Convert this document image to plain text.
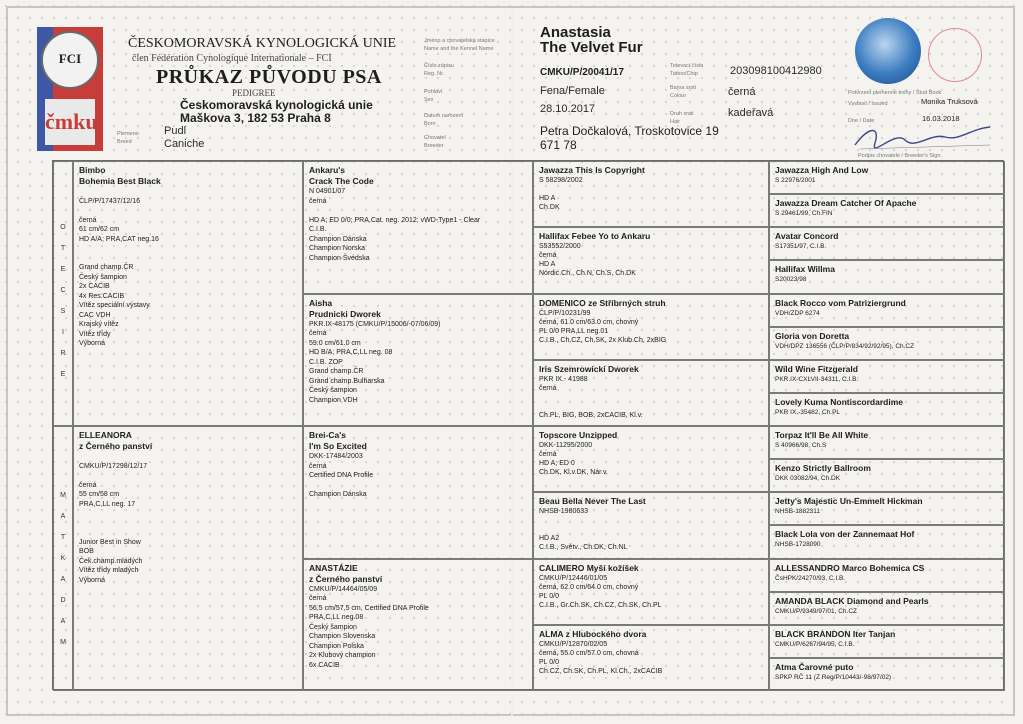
FCI
čmku
ČESKOMORAVSKÁ KYNOLOGICKÁ UNIE
člen Fédération Cynologique Internationale – FCI
PRŮKAZ PŮVODU PSA
PEDIGREE
Českomoravská kynologická unie
Maškova 3, 182 53 Praha 8
Plemeno
Breed
Pudl
Caniche
Jméno a chovatelská stanice
Name and the Kennel Name
Číslo zápisu
Reg. Nr.
Pohlaví
Sex
Datum narození
Born
Chovatel
Breeder
Anastasia
The Velvet Fur
CMKU/P/20041/17
Fena/Female
28.10.2017
Petra Dočkalová, Troskotovice 19
671 78
Tetovací číslo
Tattoo/Chip
Barva srsti
Colour
Druh srsti
Hair
203098100412980
černá
kadeřavá
Potvrzení plemenné knihy / Stud Book
Vystavil / Issued	Monika Truksová
Dne / Date	16.03.2018
Podpis chovatele / Breeder's Sign.
O
T
E
C
S
I
R
E
M
A
T
K
A
D
A
M
Bimbo
Bohemia Best Black

ČLP/P/17437/12/16

černá
61 cm/62 cm
HD A/A; PRA,CAT neg.16

Grand champ.ČR
Český šampion
2x CACIB
4x Res.CACIB
Vítěz speciální výstavy
CAC VDH
Krajský vítěz
Vítěz třídy
Výborná
ELLEANORA
z Černého panství

CMKU/P/17298/12/17

černá
55 cm/58 cm
PRA,C,LL neg. 17

Junior Best in Show
BOB
Ček.champ.mladých
Vítěz třídy mladých
Výborná
Ankaru's
Crack The Code
N 04901/07
černá

HD A; ED 0/0; PRA,Cat. neg. 2012; vWD-Type1 - Clear
C.I.B.
Champion Dánska
Champion Norska
Champion Švédska
Aisha
Prudnicki Dworek
PKR.IX-48175 (CMKU/P/15006/-07/06/09)
černá
59.0 cm/61.0 cm
HD B/A; PRA,C,LL neg. 08
C.I.B. ZOP
Grand champ.ČR
Grand champ.Bulharska
Český šampion
Champion VDH
Brei-Ca's
I'm So Excited
DKK-17484/2003
černá
Certified DNA Profile

Champion Dánska
ANASTÁZIE
z Černého panství
CMKU/P/14464/05/09
černá
56,5 cm/57,5 cm, Certified DNA Profile
PRA,C,LL neg.08
Český šampion
Champion Slovenska
Champion Polska
2x Klubový champion
6x CACIB
Jawazza This Is Copyright
S 58298/2002

HD A
Ch.DK
Hallifax Febee Yo to Ankaru
S53552/2000
černá
HD A
Nordic.Ch., Ch.N, Ch.S, Ch.DK
DOMENICO ze Stříbrných struh
ČLP/P/10231/99
černá, 61.0 cm/63.0 cm, chovný
PL 0/0 PRA,LL neg.01
C.I.B., Ch.CZ, Ch.SK, 2x Klub.Ch, 2xBIG
Iris Szemrowicki Dworek
PKR IX.- 41988
černá

Ch.PL, BIG, BOB, 2xCACIB, Kl.v.
Topscore Unzipped
DKK-11295/2000
černá
HD A; ED 0
Ch.DK, Kl.v.DK, Nár.v.
Beau Bella Never The Last
NHSB-1980633

HD A2
C.I.B., Světv., Ch.DK, Ch.NL
CALIMERO Myší kožíšek
CMKU/P/12446/01/05
černá, 62.0 cm/64.0 cm, chovný
PL 0/0
C.I.B., Gr.Ch.SK, Ch.CZ, Ch.SK, Ch.PL
ALMA z Hlubockého dvora
CMKU/P/12870/02/05
černá, 55.0 cm/57.0 cm, chovná
PL 0/0
Ch.CZ, Ch.SK, Ch.PL, Kl.Ch., 2xCACIB
Jawazza High And Low
S 22976/2001
Jawazza Dream Catcher Of Apache
S 29461/99, Ch.FIN
Avatar Concord
S17351/97, C.I.B.
Hallifax Willma
S20023/98
Black Rocco vom Patriziergrund
VDH/ZDP 6274
Gloria von Doretta
VDH/DPZ 136556 (ČLP/P/834/92/92/95), Ch.CZ
Wild Wine Fitzgerald
PKR.IX-CXLVII-34311, C.I.B.
Lovely Kuma Nontiscordardime
PKR IX.-35482, Ch.PL
Torpaz It'll Be All White
S 40966/98, Ch.S
Kenzo Strictly Ballroom
DKK 03082/94, Ch.DK
Jetty's Majestic Un-Emmelt Hickman
NHSB-1882311
Black Lola von der Zannemaat Hof
NHSB-1728090
ALLESSANDRO Marco Bohemica CS
ČsHPK/24270/93, C.I.B.
AMANDA BLACK Diamond and Pearls
CMKU/P/9349/97/01, Ch.CZ
BLACK BRANDON Iter Tanjan
CMKU/P/6267/94/95, C.I.B.
Atma Čarovné puto
SPKP RČ 11 (Z Reg/P/10443/-98/97/02)
